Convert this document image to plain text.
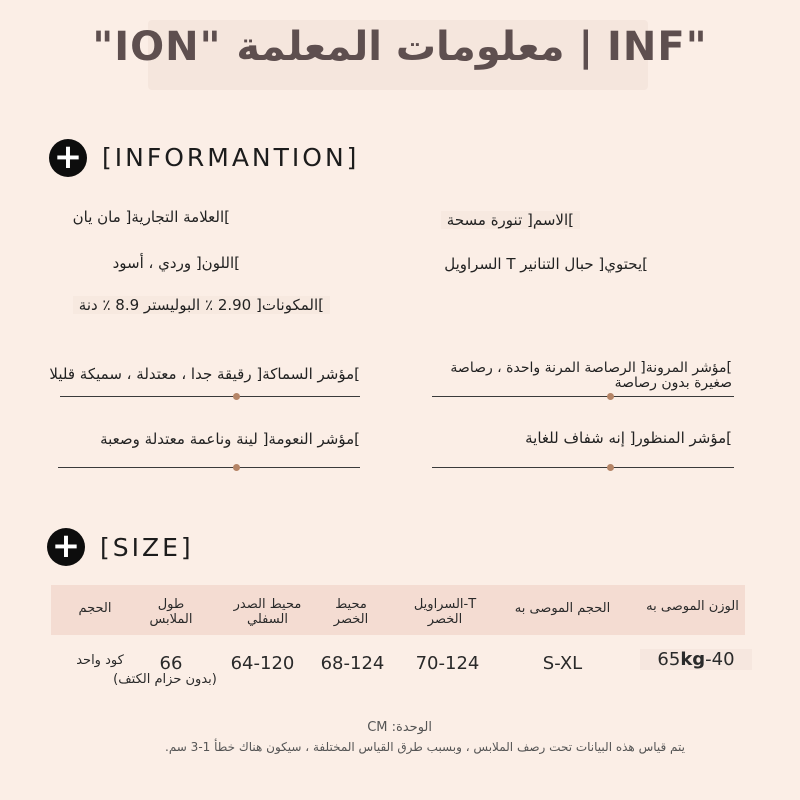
"ION" معلومات المعلمة | INF"
+ [INFORMANTION]
]العلامة التجارية[ مان يان	]الاسم[ تنورة مسحة
]اللون[ وردي ، أسود	]يحتوي[ حبال التنانير T السراويل
]المكونات[ 2.90 ٪ البوليستر 8.9 ٪ دنة
]مؤشر السماكة[ رقيقة جدا ، معتدلة ، سميكة قليلا
]مؤشر النعومة[ لينة وناعمة معتدلة وصعبة
]مؤشر المرونة[ الرصاصة المرنة واحدة ، رصاصة صغيرة بدون رصاصة
]مؤشر المنظور[ إنه شفاف للغاية
+ [SIZE]
الوزن الموصى به
الحجم الموصى به
T-السراويل الخصر
محيط الخصر
محيط الصدر السفلي
طول الملابس
الحجم
65kg-40
S-XL
70-124
68-124
64-120
66
كود واحد
(بدون حزام الكتف)
الوحدة: CM
يتم قياس هذه البيانات تحت رصف الملابس ، وبسبب طرق القياس المختلفة ، سيكون هناك خطأ 1-3 سم.
